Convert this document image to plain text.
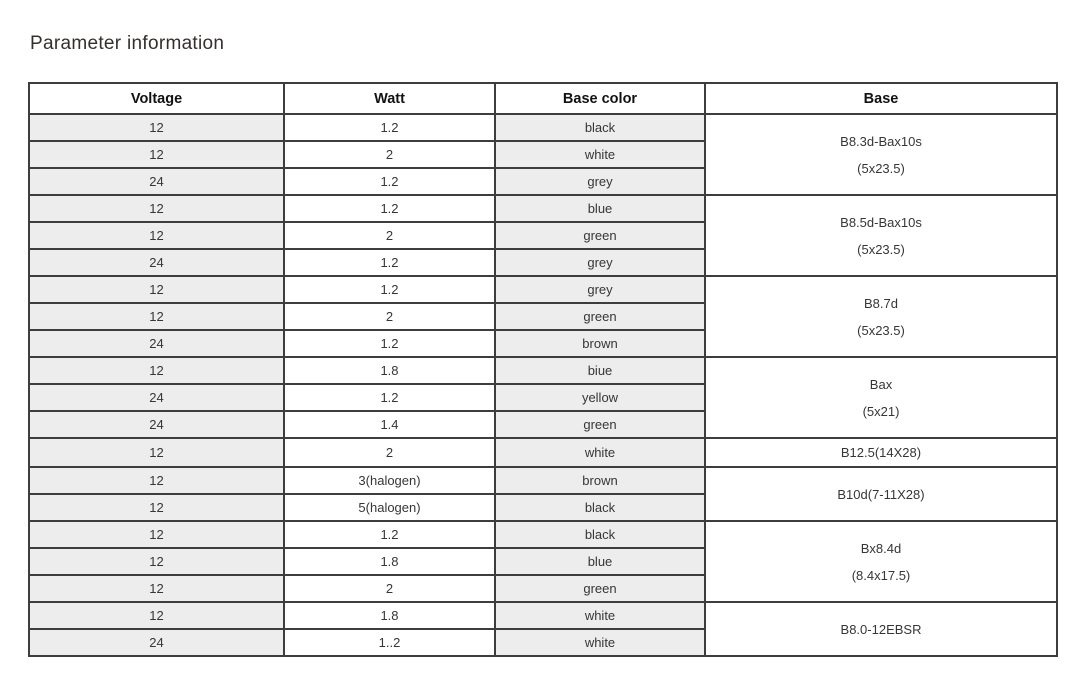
Parameter information
Voltage	Watt	Base color	Base
12	1.2	black	B8.3d-Bax10s
(5x23.5)

12	2	white	
24	1.2	grey	
12	1.2	blue	B8.5d-Bax10s
(5x23.5)

12	2	green	
24	1.2	grey	
12	1.2	grey	B8.7d
(5x23.5)

12	2	green	
24	1.2	brown	
12	1.8	biue	Bax
(5x21)

24	1.2	yellow	
24	1.4	green	
12	2	white	B12.5(14X28)

12	3(halogen)	brown	B10d(7-11X28)

12	5(halogen)	black	
12	1.2	black	Bx8.4d
(8.4x17.5)

12	1.8	blue	
12	2	green	
12	1.8	white	B8.0-12EBSR

24	1..2	white	
